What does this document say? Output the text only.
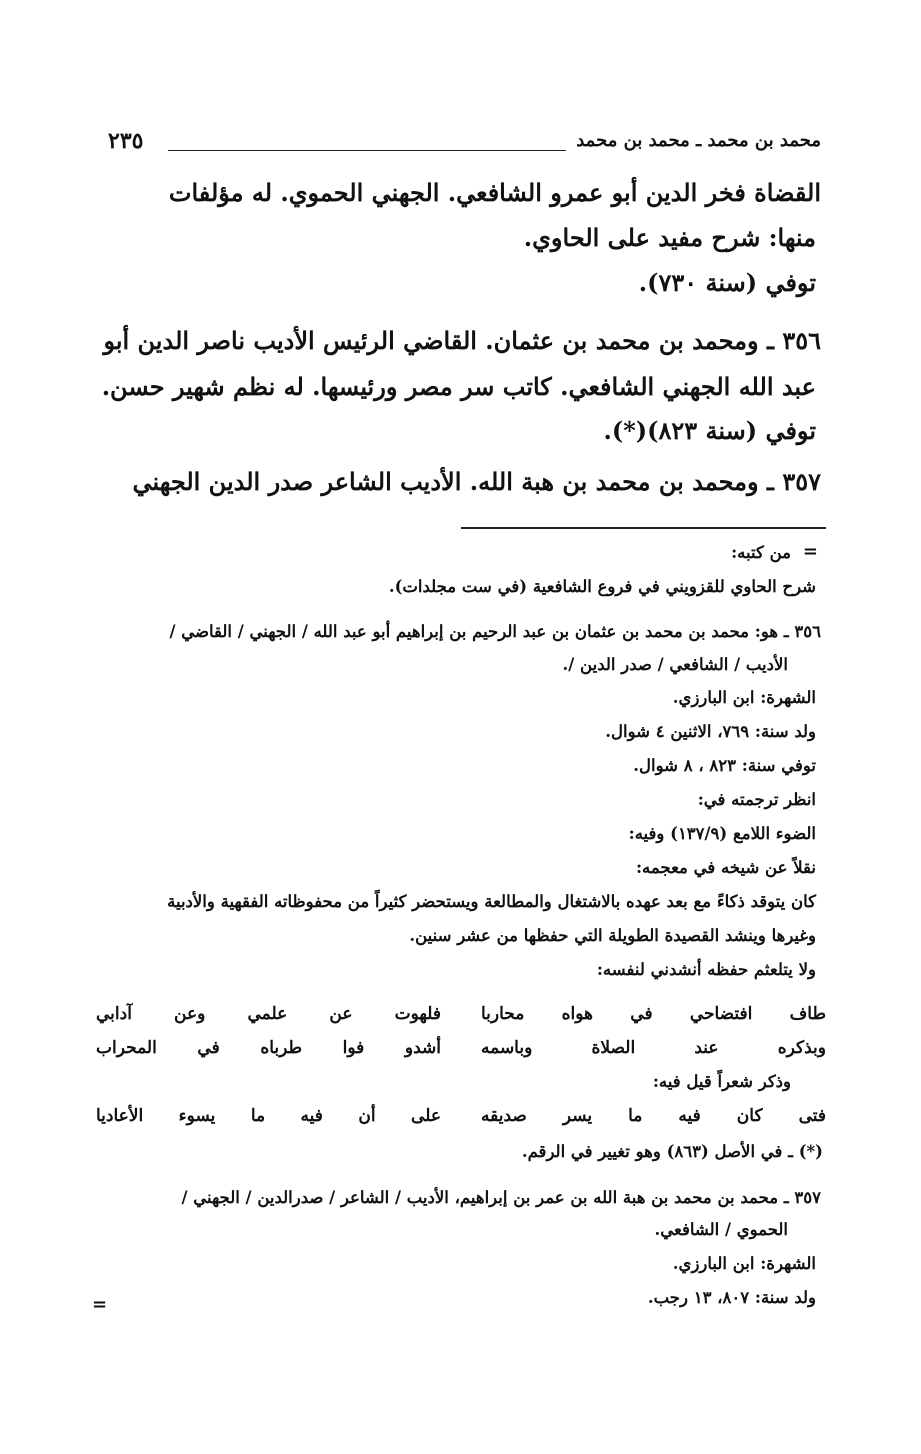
محمد بن محمد ـ محمد بن محمد
٢٣٥
القضاة فخر الدين أبو عمرو الشافعي. الجهني الحموي. له مؤلفات
منها: شرح مفيد على الحاوي.
توفي (سنة ٧٣٠).
٣٥٦ ـ ومحمد بن محمد بن عثمان. القاضي الرئيس الأديب ناصر الدين أبو
عبد الله الجهني الشافعي. كاتب سر مصر ورئيسها. له نظم شهير حسن.
توفي (سنة ٨٢٣)(*).
٣٥٧ ـ ومحمد بن محمد بن هبة الله. الأديب الشاعر صدر الدين الجهني
=
من كتبه:
شرح الحاوي للقزويني في فروع الشافعية (في ست مجلدات).
٣٥٦ ـ هو: محمد بن محمد بن عثمان بن عبد الرحيم بن إبراهيم أبو عبد الله / الجهني / القاضي /
الأديب / الشافعي / صدر الدين /.
الشهرة: ابن البارزي.
ولد سنة: ٧٦٩، الاثنين ٤ شوال.
توفي سنة: ٨٢٣ ، ٨ شوال.
انظر ترجمته في:
الضوء اللامع (١٣٧/٩) وفيه:
نقلاً عن شيخه في معجمه:
كان يتوقد ذكاءً مع بعد عهده بالاشتغال والمطالعة ويستحضر كثيراً من محفوظاته الفقهية والأدبية
وغيرها وينشد القصيدة الطويلة التي حفظها من عشر سنين.
ولا يتلعثم حفظه أنشدني لنفسه:
طاف افتضاحي في هواه محاربا
فلهوت عن علمي وعن آدابي
وبذكره عند الصلاة وباسمه
أشدو فوا طرباه في المحراب
وذكر شعراً قيل فيه:
فتى كان فيه ما يسر صديقه
على أن فيه ما يسوء الأعاديا
(*) ـ في الأصل (٨٦٣) وهو تغيير في الرقم.
٣٥٧ ـ محمد بن محمد بن هبة الله بن عمر بن إبراهيم، الأديب / الشاعر / صدرالدين / الجهني /
الحموي / الشافعي.
الشهرة: ابن البارزي.
ولد سنة: ٨٠٧، ١٣ رجب.
=
